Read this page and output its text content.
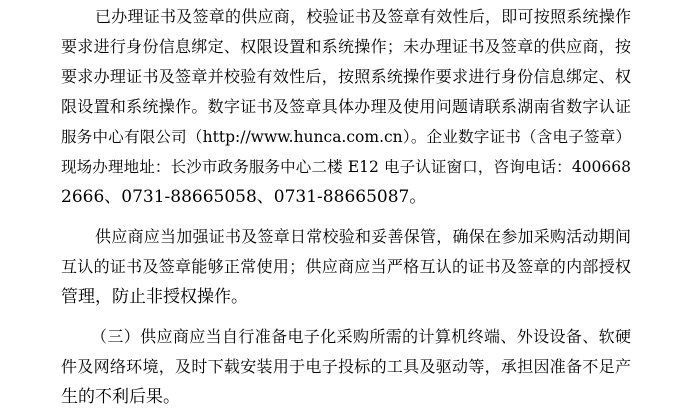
已办理证书及签章的供应商，校验证书及签章有效性后，即可按照系统操作
要求进行身份信息绑定、权限设置和系统操作；未办理证书及签章的供应商，按
要求办理证书及签章并校验有效性后，按照系统操作要求进行身份信息绑定、权
限设置和系统操作。数字证书及签章具体办理及使用问题请联系湖南省数字认证
服务中心有限公司（http://www.hunca.com.cn）。企业数字证书（含电子签章）
现场办理地址：长沙市政务服务中心二楼 E12 电子认证窗口，咨询电话：400668
2666、0731-88665058、0731-88665087。
供应商应当加强证书及签章日常校验和妥善保管，确保在参加采购活动期间
互认的证书及签章能够正常使用；供应商应当严格互认的证书及签章的内部授权
管理，防止非授权操作。
（三）供应商应当自行准备电子化采购所需的计算机终端、外设设备、软硬
件及网络环境，及时下载安装用于电子投标的工具及驱动等，承担因准备不足产
生的不利后果。
